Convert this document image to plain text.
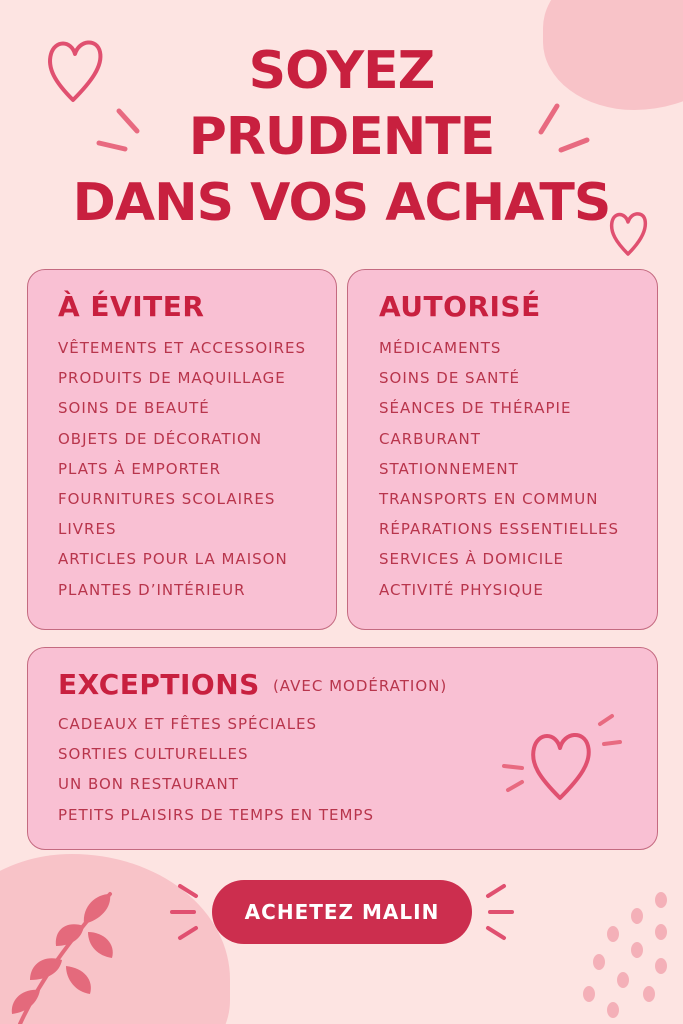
SOYEZ
PRUDENTE
DANS VOS ACHATS
À ÉVITER
VÊTEMENTS ET ACCESSOIRES
PRODUITS DE MAQUILLAGE
SOINS DE BEAUTÉ
OBJETS DE DÉCORATION
PLATS À EMPORTER
FOURNITURES SCOLAIRES
LIVRES
ARTICLES POUR LA MAISON
PLANTES D’INTÉRIEUR
AUTORISÉ
MÉDICAMENTS
SOINS DE SANTÉ
SÉANCES DE THÉRAPIE
CARBURANT
STATIONNEMENT
TRANSPORTS EN COMMUN
RÉPARATIONS ESSENTIELLES
SERVICES À DOMICILE
ACTIVITÉ PHYSIQUE
EXCEPTIONS (AVEC MODÉRATION)
CADEAUX ET FÊTES SPÉCIALES
SORTIES CULTURELLES
UN BON RESTAURANT
PETITS PLAISIRS DE TEMPS EN TEMPS
ACHETEZ MALIN
